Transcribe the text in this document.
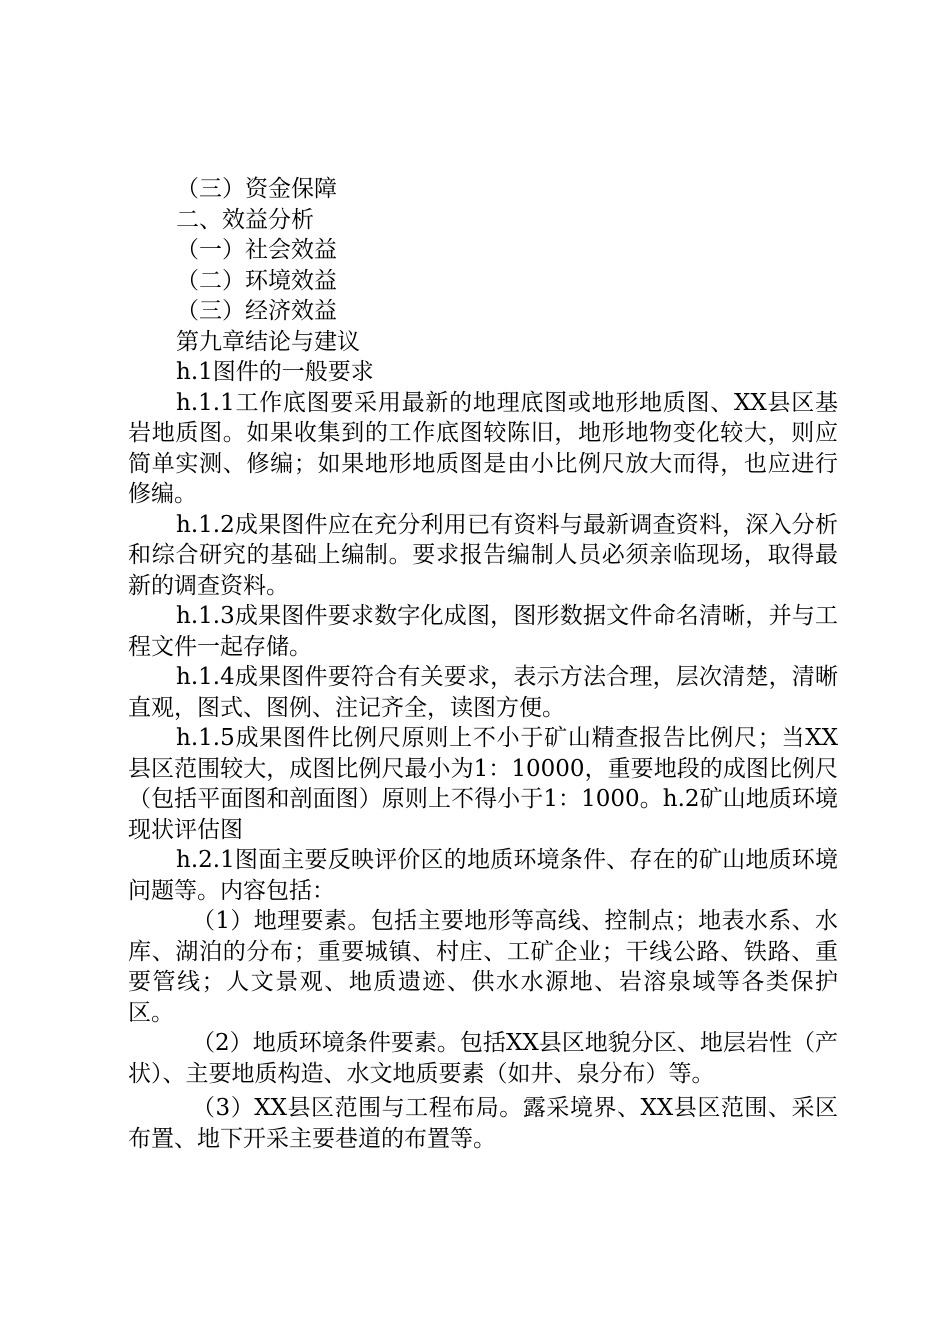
（三）资金保障

二、效益分析

（一）社会效益

（二）环境效益

（三）经济效益

第九章结论与建议

h.1图件的一般要求

h.1.1工作底图要采用最新的地理底图或地形地质图、XX县区基岩地质图。如果收集到的工作底图较陈旧，地形地物变化较大，则应简单实测、修编；如果地形地质图是由小比例尺放大而得，也应进行修编。

h.1.2成果图件应在充分利用已有资料与最新调查资料，深入分析和综合研究的基础上编制。要求报告编制人员必须亲临现场，取得最新的调查资料。

h.1.3成果图件要求数字化成图，图形数据文件命名清晰，并与工程文件一起存储。

h.1.4成果图件要符合有关要求，表示方法合理，层次清楚，清晰直观，图式、图例、注记齐全，读图方便。

h.1.5成果图件比例尺原则上不小于矿山精查报告比例尺；当XX县区范围较大，成图比例尺最小为1：10000，重要地段的成图比例尺（包括平面图和剖面图）原则上不得小于1：1000。h.2矿山地质环境现状评估图

h.2.1图面主要反映评价区的地质环境条件、存在的矿山地质环境问题等。内容包括：

（1）地理要素。包括主要地形等高线、控制点；地表水系、水库、湖泊的分布；重要城镇、村庄、工矿企业；干线公路、铁路、重要管线；人文景观、地质遗迹、供水水源地、岩溶泉域等各类保护区。

（2）地质环境条件要素。包括XX县区地貌分区、地层岩性（产状）、主要地质构造、水文地质要素（如井、泉分布）等。

（3）XX县区范围与工程布局。露采境界、XX县区范围、采区布置、地下开采主要巷道的布置等。
